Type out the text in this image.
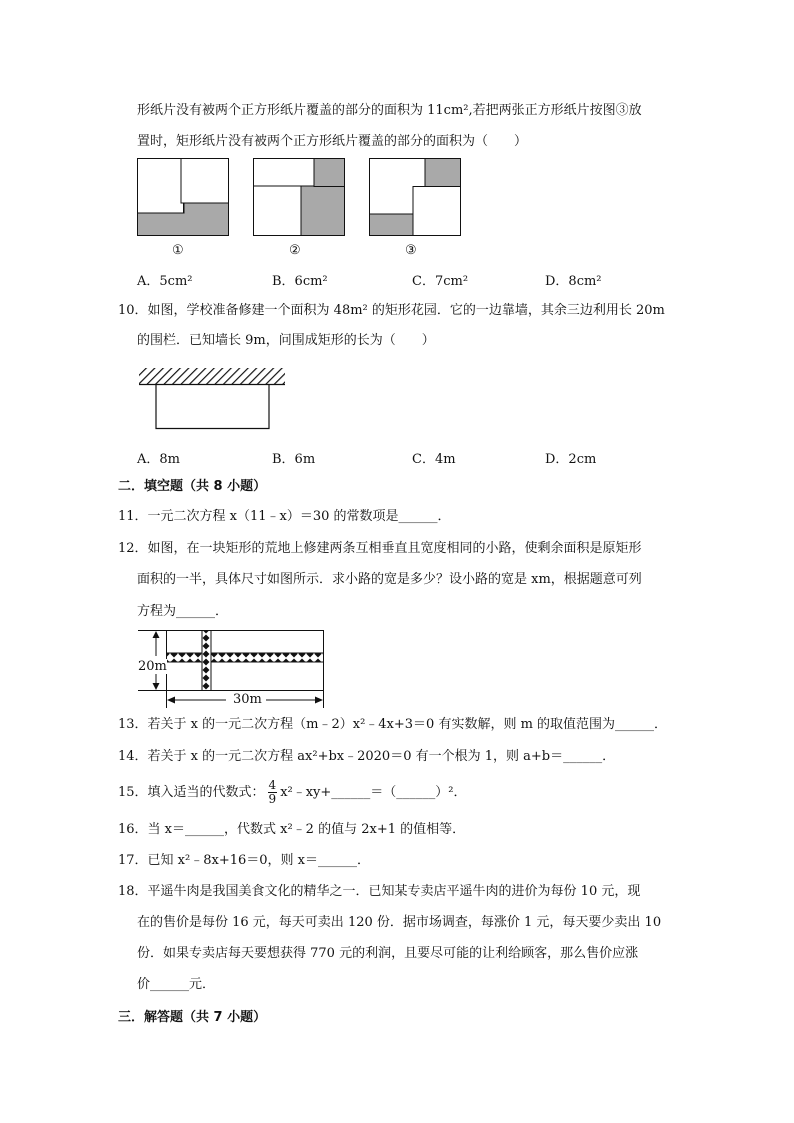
形纸片没有被两个正方形纸片覆盖的部分的面积为 11cm²,若把两张正方形纸片按图③放
置时，矩形纸片没有被两个正方形纸片覆盖的部分的面积为（　　）
①	②	③
A．5cm²	B．6cm²	C．7cm²	D．8cm²
10．如图，学校准备修建一个面积为 48m² 的矩形花园．它的一边靠墙，其余三边利用长 20m
的围栏．已知墙长 9m，问围成矩形的长为（　　）
A．8m	B．6m	C．4m	D．2cm
二．填空题（共 8 小题）
11．一元二次方程 x（11﹣x）＝30 的常数项是______．
12．如图，在一块矩形的荒地上修建两条互相垂直且宽度相同的小路，使剩余面积是原矩形
面积的一半，具体尺寸如图所示．求小路的宽是多少？设小路的宽是 xm，根据题意可列
方程为______．
20m
30m
13．若关于 x 的一元二次方程（m﹣2）x²﹣4x+3＝0 有实数解，则 m 的取值范围为______．
14．若关于 x 的一元二次方程 ax²+bx﹣2020＝0 有一个根为 1，则 a+b＝______．
15．填入适当的代数式： $\frac{4}{9}$ x²﹣xy+______＝（______）²．
16．当 x＝______，代数式 x²﹣2 的值与 2x+1 的值相等．
17．已知 x²﹣8x+16＝0，则 x＝______．
18．平遥牛肉是我国美食文化的精华之一．已知某专卖店平遥牛肉的进价为每份 10 元，现
在的售价是每份 16 元，每天可卖出 120 份．据市场调查，每涨价 1 元，每天要少卖出 10
份．如果专卖店每天要想获得 770 元的利润，且要尽可能的让利给顾客，那么售价应涨
价______元．
三．解答题（共 7 小题）
